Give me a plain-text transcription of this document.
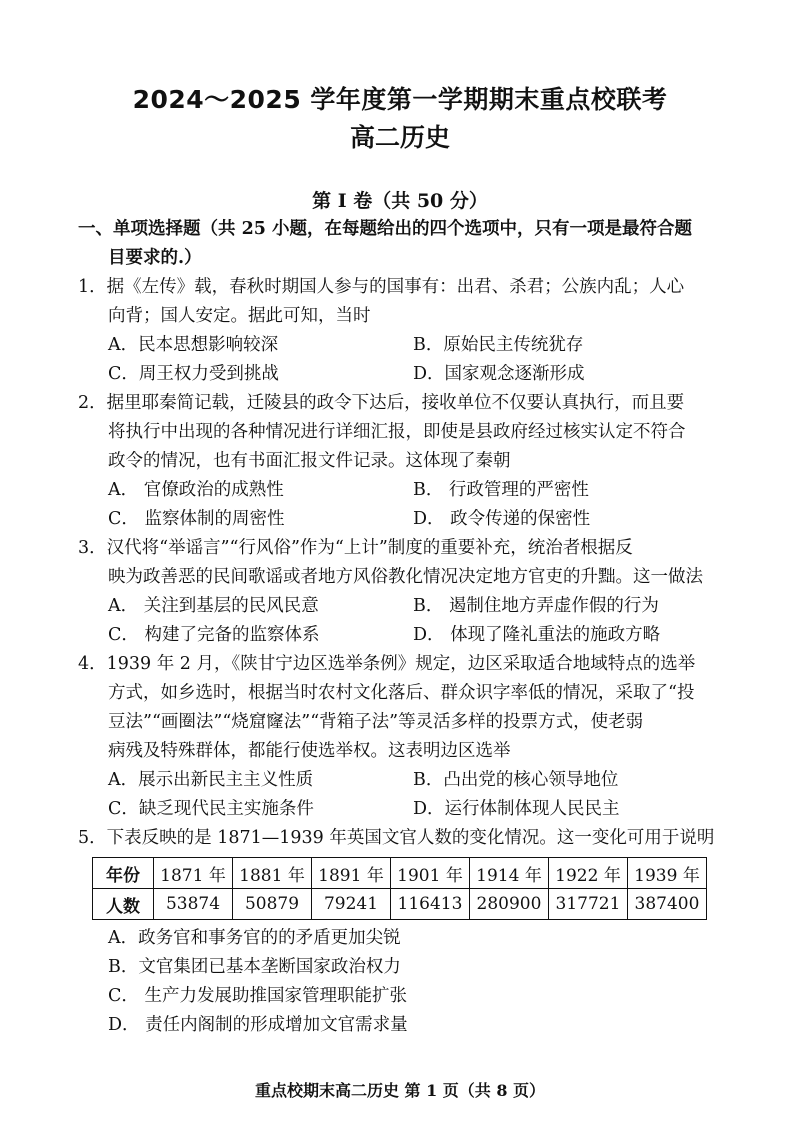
2024～2025 学年度第一学期期末重点校联考
高二历史
第 Ⅰ 卷（共 50 分）
一、单项选择题（共 25 小题，在每题给出的四个选项中，只有一项是最符合题
目要求的.）
1．据《左传》载，春秋时期国人参与的国事有：出君、杀君；公族内乱；人心
向背；国人安定。据此可知，当时
A．民本思想影响较深	B．原始民主传统犹存
C．周王权力受到挑战	D．国家观念逐渐形成
2．据里耶秦简记载，迁陵县的政令下达后，接收单位不仅要认真执行，而且要
将执行中出现的各种情况进行详细汇报，即使是县政府经过核实认定不符合
政令的情况，也有书面汇报文件记录。这体现了秦朝
A． 官僚政治的成熟性	B． 行政管理的严密性
C． 监察体制的周密性	D． 政令传递的保密性
3．汉代将“举谣言”“行风俗”作为“上计”制度的重要补充，统治者根据反
映为政善恶的民间歌谣或者地方风俗教化情况决定地方官吏的升黜。这一做法
A． 关注到基层的民风民意	B． 遏制住地方弄虚作假的行为
C． 构建了完备的监察体系	D． 体现了隆礼重法的施政方略
4．1939 年 2 月，《陕甘宁边区选举条例》规定，边区采取适合地域特点的选举
方式，如乡选时，根据当时农村文化落后、群众识字率低的情况，采取了“投
豆法”“画圈法”“烧窟窿法”“背箱子法”等灵活多样的投票方式，使老弱
病残及特殊群体，都能行使选举权。这表明边区选举
A．展示出新民主主义性质	B．凸出党的核心领导地位
C．缺乏现代民主实施条件	D．运行体制体现人民民主
5．下表反映的是 1871—1939 年英国文官人数的变化情况。这一变化可用于说明
年份	1871 年	1881 年	1891 年	1901 年	1914 年	1922 年	1939 年
人数	53874	50879	79241	116413	280900	317721	387400
A．政务官和事务官的的矛盾更加尖锐
B．文官集团已基本垄断国家政治权力
C． 生产力发展助推国家管理职能扩张
D． 责任内阁制的形成增加文官需求量
重点校期末高二历史 第 1 页（共 8 页）
